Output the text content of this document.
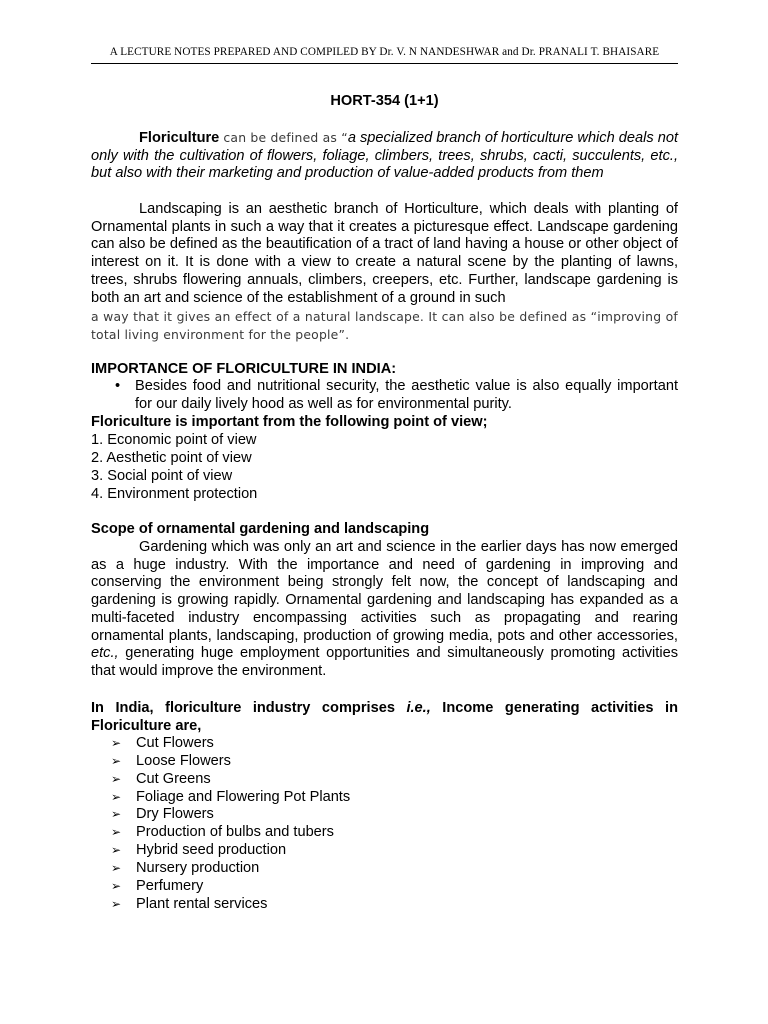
A LECTURE NOTES PREPARED AND COMPILED BY Dr. V. N NANDESHWAR and Dr. PRANALI T. BHAISARE
HORT-354 (1+1)
Floriculture can be defined as “a specialized branch of horticulture which deals not only with the cultivation of flowers, foliage, climbers, trees, shrubs, cacti, succulents, etc., but also with their marketing and production of value-added products from them
Landscaping is an aesthetic branch of Horticulture, which deals with planting of Ornamental plants in such a way that it creates a picturesque effect. Landscape gardening can also be defined as the beautification of a tract of land having a house or other object of interest on it. It is done with a view to create a natural scene by the planting of lawns, trees, shrubs flowering annuals, climbers, creepers, etc. Further, landscape gardening is both an art and science of the establishment of a ground in such
a way that it gives an effect of a natural landscape. It can also be defined as “improving of total living environment for the people”.
IMPORTANCE OF FLORICULTURE IN INDIA:
• Besides food and nutritional security, the aesthetic value is also equally important for our daily lively hood as well as for environmental purity.
Floriculture is important from the following point of view;
1. Economic point of view
2. Aesthetic point of view
3. Social point of view
4. Environment protection
Scope of ornamental gardening and landscaping
Gardening which was only an art and science in the earlier days has now emerged as a huge industry. With the importance and need of gardening in improving and conserving the environment being strongly felt now, the concept of landscaping and gardening is growing rapidly. Ornamental gardening and landscaping has expanded as a multi-faceted industry encompassing activities such as propagating and rearing ornamental plants, landscaping, production of growing media, pots and other accessories, etc., generating huge employment opportunities and simultaneously promoting activities that would improve the environment.
In India, floriculture industry comprises i.e., Income generating activities in Floriculture are,
➢ Cut Flowers
➢ Loose Flowers
➢ Cut Greens
➢ Foliage and Flowering Pot Plants
➢ Dry Flowers
➢ Production of bulbs and tubers
➢ Hybrid seed production
➢ Nursery production
➢ Perfumery
➢ Plant rental services
